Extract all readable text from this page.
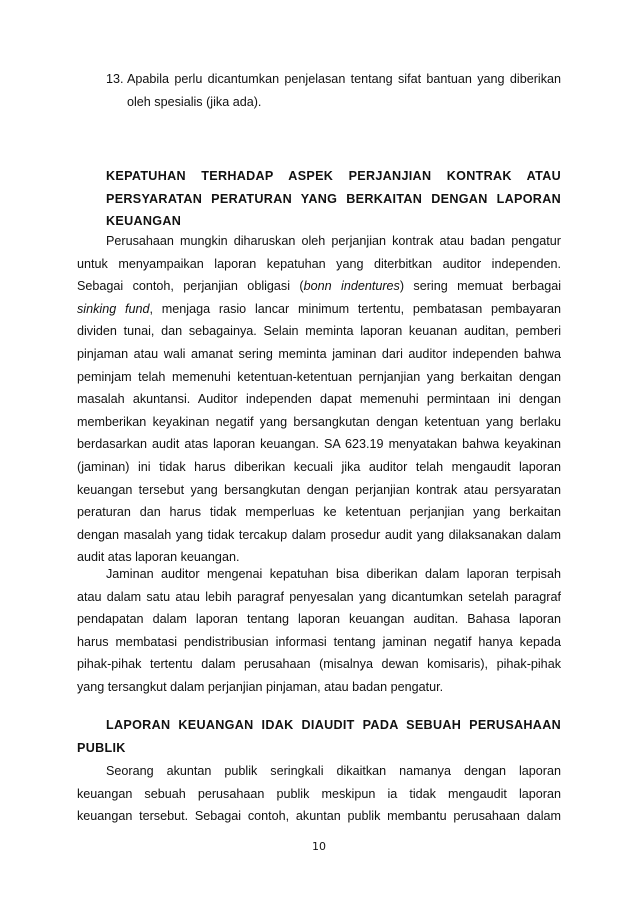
13. Apabila perlu dicantumkan penjelasan tentang sifat bantuan yang diberikan
oleh spesialis (jika ada).
KEPATUHAN TERHADAP ASPEK PERJANJIAN KONTRAK ATAU
PERSYARATAN PERATURAN YANG BERKAITAN DENGAN LAPORAN
KEUANGAN
Perusahaan mungkin diharuskan oleh perjanjian kontrak atau badan pengatur
untuk menyampaikan laporan kepatuhan yang diterbitkan auditor independen.
Sebagai contoh, perjanjian obligasi (bonn indentures) sering memuat berbagai
sinking fund, menjaga rasio lancar minimum tertentu, pembatasan pembayaran
dividen tunai, dan sebagainya. Selain meminta laporan keuanan auditan, pemberi
pinjaman atau wali amanat sering meminta jaminan dari auditor independen bahwa
peminjam telah memenuhi ketentuan-ketentuan pernjanjian yang berkaitan dengan
masalah akuntansi. Auditor independen dapat memenuhi permintaan ini dengan
memberikan keyakinan negatif yang bersangkutan dengan ketentuan yang berlaku
berdasarkan audit atas laporan keuangan. SA 623.19 menyatakan bahwa keyakinan
(jaminan) ini tidak harus diberikan kecuali jika auditor telah mengaudit laporan
keuangan tersebut yang bersangkutan dengan perjanjian kontrak atau persyaratan
peraturan dan harus tidak memperluas ke ketentuan perjanjian yang berkaitan
dengan masalah yang tidak tercakup dalam prosedur audit yang dilaksanakan dalam
audit atas laporan keuangan.
Jaminan auditor mengenai kepatuhan bisa diberikan dalam laporan terpisah
atau dalam satu atau lebih paragraf penyesalan yang dicantumkan setelah paragraf
pendapatan dalam laporan tentang laporan keuangan auditan. Bahasa laporan
harus membatasi pendistribusian informasi tentang jaminan negatif hanya kepada
pihak-pihak tertentu dalam perusahaan (misalnya dewan komisaris), pihak-pihak
yang tersangkut dalam perjanjian pinjaman, atau badan pengatur.
LAPORAN KEUANGAN IDAK DIAUDIT PADA SEBUAH PERUSAHAAN
PUBLIK
Seorang akuntan publik seringkali dikaitkan namanya dengan laporan
keuangan sebuah perusahaan publik meskipun ia tidak mengaudit laporan
keuangan tersebut. Sebagai contoh, akuntan publik membantu perusahaan dalam
10
